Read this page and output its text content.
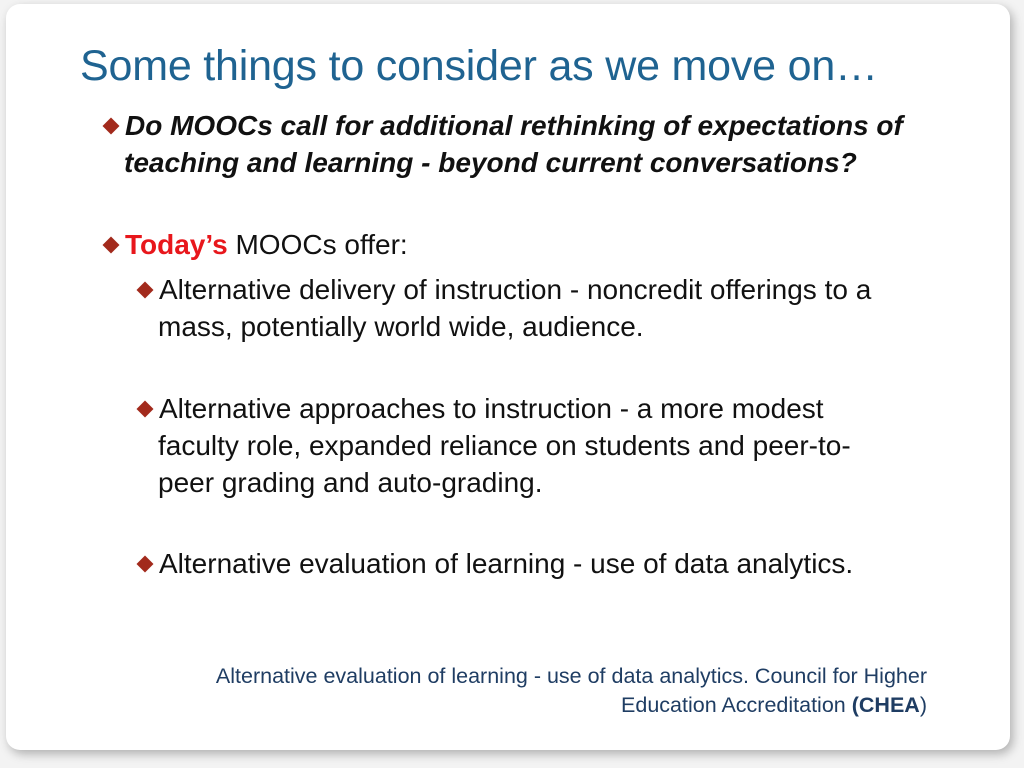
Some things to consider as we move on…
Do MOOCs call for additional rethinking of expectations of teaching and learning - beyond current conversations?
Today’s MOOCs offer:
Alternative delivery of instruction - noncredit offerings to a mass, potentially world wide, audience.
Alternative approaches to instruction - a more modest faculty role, expanded reliance on students and peer-to-peer grading and auto-grading.
Alternative evaluation of learning - use of data analytics.
Alternative evaluation of learning - use of data analytics. Council for Higher Education Accreditation (CHEA)
